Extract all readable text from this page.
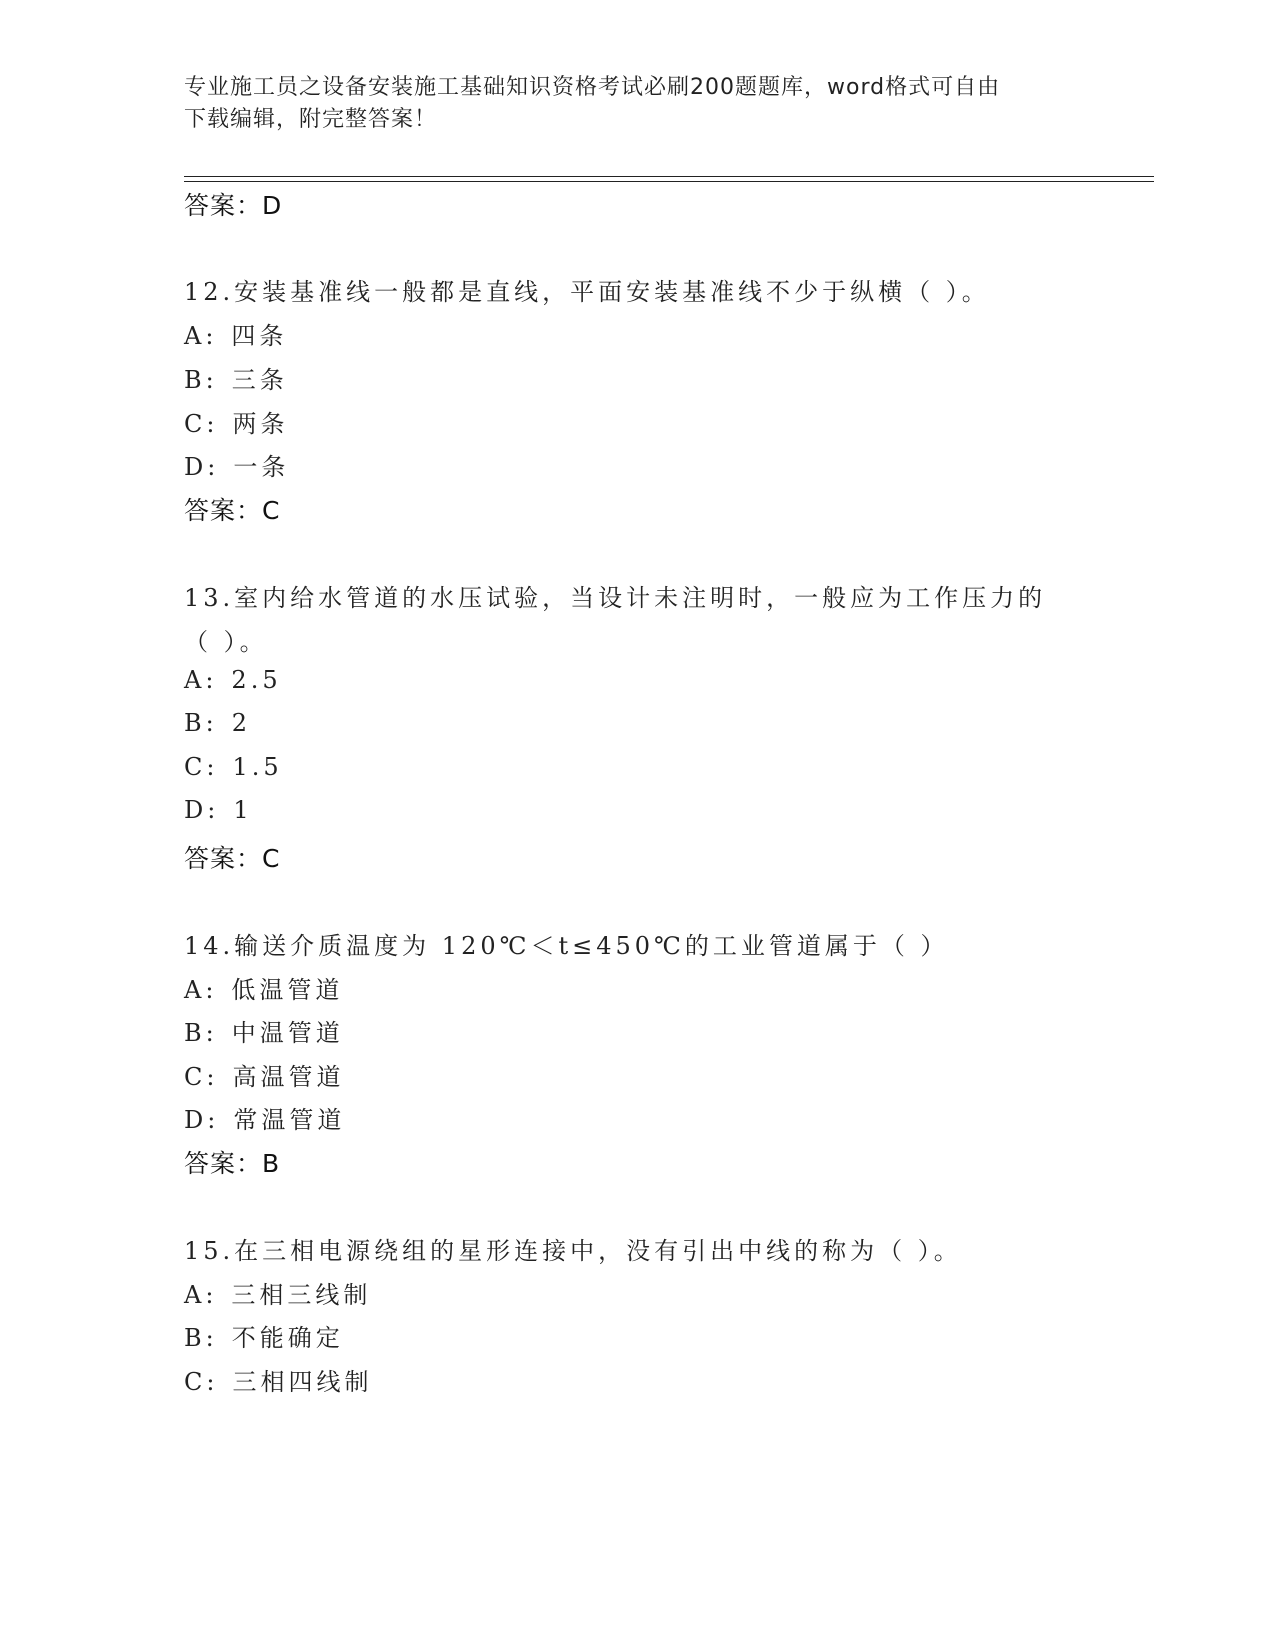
专业施工员之设备安装施工基础知识资格考试必刷200题题库，word格式可自由
下载编辑，附完整答案！
答案：D
12.安装基准线一般都是直线，平面安装基准线不少于纵横（ ）。
A: 四条
B: 三条
C: 两条
D: 一条
答案：C
13.室内给水管道的水压试验，当设计未注明时，一般应为工作压力的
（ ）。
A: 2.5
B: 2
C: 1.5
D: 1
答案：C
14.输送介质温度为 120℃＜t≤450℃的工业管道属于（ ）
A: 低温管道
B: 中温管道
C: 高温管道
D: 常温管道
答案：B
15.在三相电源绕组的星形连接中，没有引出中线的称为（ ）。
A: 三相三线制
B: 不能确定
C: 三相四线制
